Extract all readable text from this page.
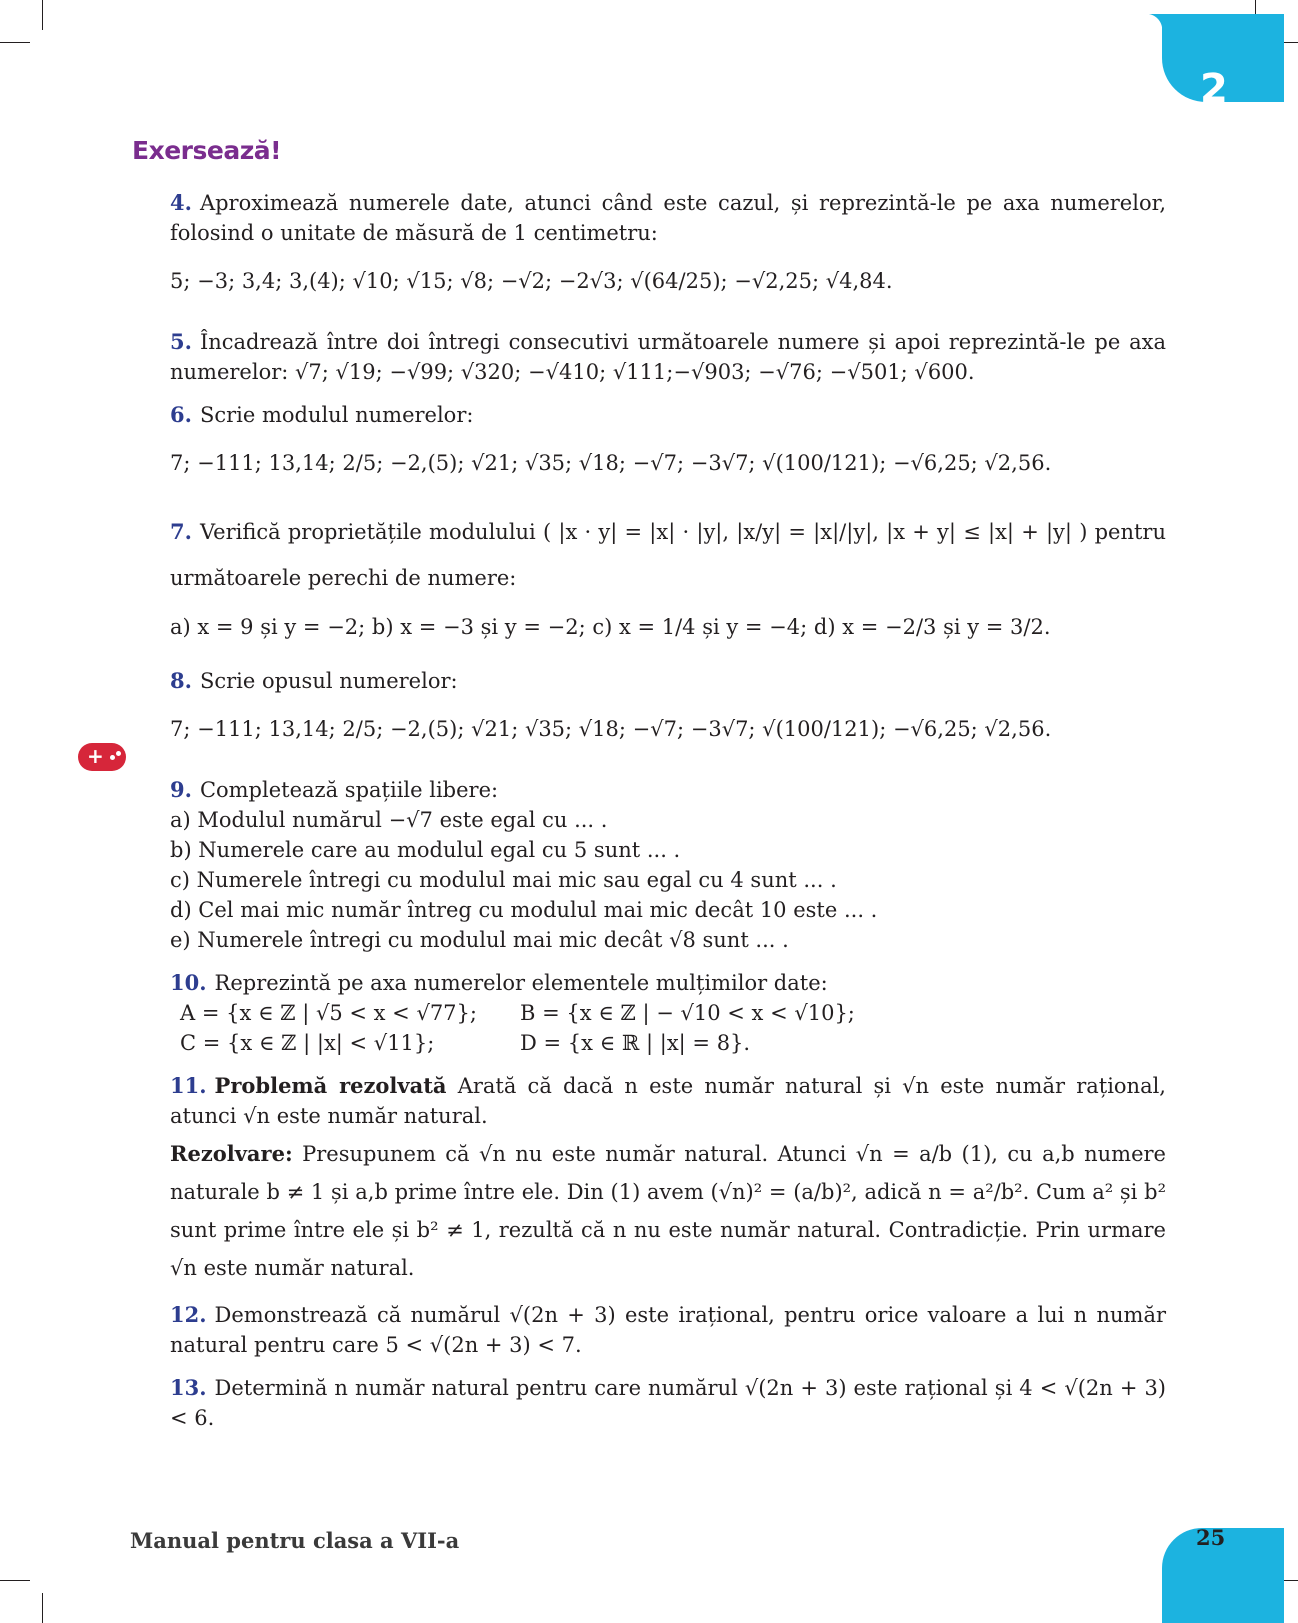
2
Exersează!
+
4. Aproximează numerele date, atunci când este cazul, și reprezintă-le pe axa numerelor, folosind o unitate de măsură de 1 centimetru:
5; −3; 3,4; 3,(4); √10; √15; √8; −√2; −2√3; √(64/25); −√2,25; √4,84.
5. Încadrează între doi întregi consecutivi următoarele numere și apoi reprezintă-le pe axa numerelor: √7; √19; −√99; √320; −√410; √111;−√903; −√76; −√501; √600.
6. Scrie modulul numerelor:
7; −111; 13,14; 2/5; −2,(5); √21; √35; √18; −√7; −3√7; √(100/121); −√6,25; √2,56.
7. Verifică proprietățile modulului ( |x · y| = |x| · |y|, |x/y| = |x|/|y|, |x + y| ≤ |x| + |y| ) pentru următoarele perechi de numere:
a) x = 9 și y = −2; b) x = −3 și y = −2; c) x = 1/4 și y = −4; d) x = −2/3 și y = 3/2.
8. Scrie opusul numerelor:
7; −111; 13,14; 2/5; −2,(5); √21; √35; √18; −√7; −3√7; √(100/121); −√6,25; √2,56.
9. Completează spațiile libere:
a) Modulul numărul −√7 este egal cu ... .
b) Numerele care au modulul egal cu 5 sunt ... .
c) Numerele întregi cu modulul mai mic sau egal cu 4 sunt ... .
d) Cel mai mic număr întreg cu modulul mai mic decât 10 este ... .
e) Numerele întregi cu modulul mai mic decât √8 sunt ... .
10. Reprezintă pe axa numerelor elementele mulțimilor date:
A = {x ∈ ℤ | √5 < x < √77}; B = {x ∈ ℤ | − √10 < x < √10};
C = {x ∈ ℤ | |x| < √11};	D = {x ∈ ℝ | |x| = 8}.
11. Problemă rezolvată Arată că dacă n este număr natural și √n este număr rațional, atunci √n este număr natural.
Rezolvare: Presupunem că √n nu este număr natural. Atunci √n = a/b (1), cu a,b numere naturale b ≠ 1 și a,b prime între ele. Din (1) avem (√n)² = (a/b)², adică n = a²/b². Cum a² și b² sunt prime între ele și b² ≠ 1, rezultă că n nu este număr natural. Contradicție. Prin urmare √n este număr natural.
12. Demonstrează că numărul √(2n + 3) este irațional, pentru orice valoare a lui n număr natural pentru care 5 < √(2n + 3) < 7.
13. Determină n număr natural pentru care numărul √(2n + 3) este rațional și 4 < √(2n + 3) < 6.
Manual pentru clasa a VII-a	25
